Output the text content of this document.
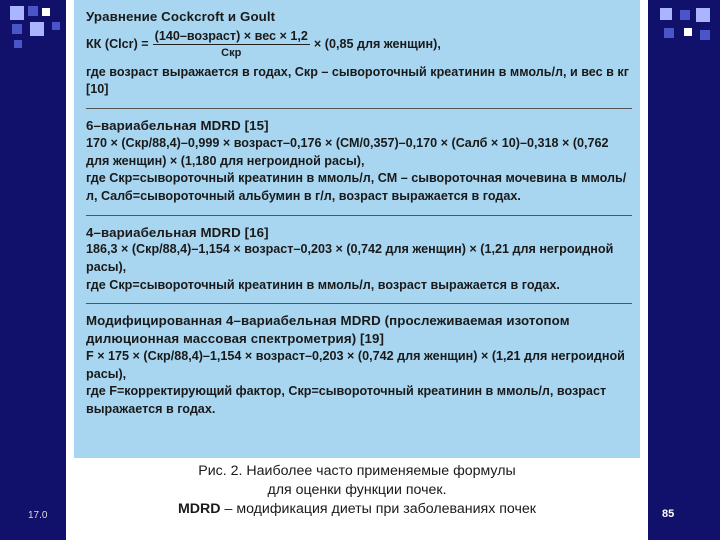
Уравнение Cockcroft и Goult

КК (Clcr) = $\frac{\text{(140–возраст) × вес × 1,2}}{\text{Cкр}} \times (0,85$ для женщин),

где возраст выражается в годах, Cкр – сывороточный креатинин в ммоль/л, и вес в кг [10]

6–вариабельная MDRD [15]

170 × (Cкр/88,4)–0,999 × возраст–0,176 × (СМ/0,357)–0,170 × (Cалб × 10)–0,318 × (0,762 для женщин) × (1,180 для негроидной расы),

где Cкр=сывороточный креатинин в ммоль/л, СМ – сывороточная мочевина в ммоль/л, Cалб=сывороточный альбумин в г/л, возраст выражается в годах.

4–вариабельная MDRD [16]

186,3 × (Cкр/88,4)–1,154 × возраст–0,203 × (0,742 для женщин) × (1,21 для негроидной расы),

где Cкр=сывороточный креатинин в ммоль/л, возраст выражается в годах.

Модифицированная 4–вариабельная MDRD (прослеживаемая изотопом дилюционная массовая спектрометрия) [19]

F × 175 × (Cкр/88,4)–1,154 × возраст–0,203 × (0,742 для женщин) × (1,21 для негроидной расы),

где F=корректирующий фактор, Cкр=сывороточный креатинин в ммоль/л, возраст выражается в годах.

Рис. 2. Наиболее часто применяемые формулы
для оценки функции почек.
MDRD – модификация диеты при заболеваниях почек
17.0	85
